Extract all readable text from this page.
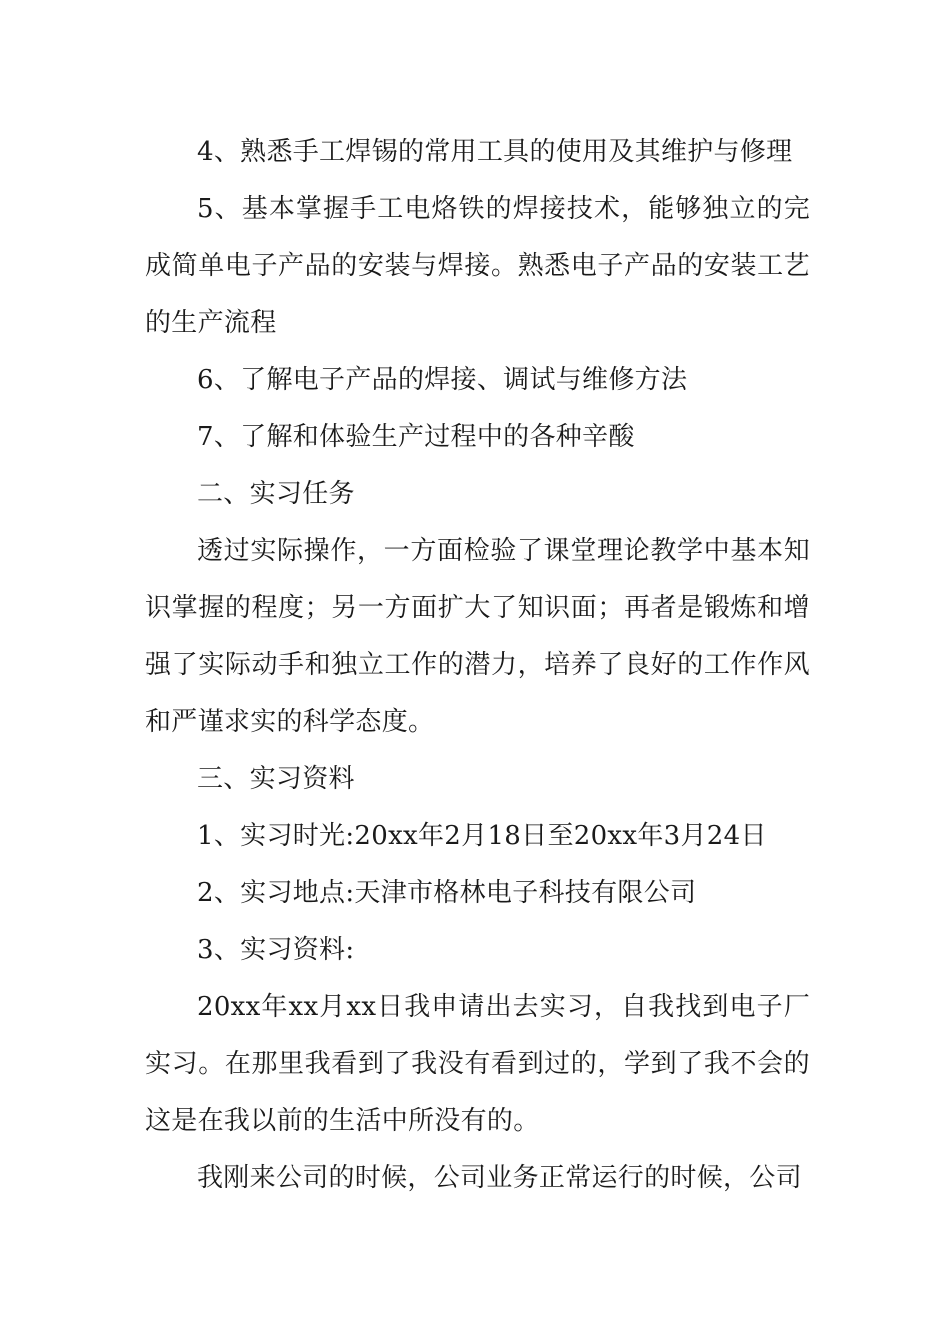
4、熟悉手工焊锡的常用工具的使用及其维护与修理

5、基本掌握手工电烙铁的焊接技术，能够独立的完成简单电子产品的安装与焊接。熟悉电子产品的安装工艺的生产流程

6、了解电子产品的焊接、调试与维修方法

7、了解和体验生产过程中的各种辛酸

二、实习任务

透过实际操作，一方面检验了课堂理论教学中基本知识掌握的程度；另一方面扩大了知识面；再者是锻炼和增强了实际动手和独立工作的潜力，培养了良好的工作作风和严谨求实的科学态度。

三、实习资料

1、实习时光:20xx年2月18日至20xx年3月24日

2、实习地点:天津市格林电子科技有限公司

3、实习资料:

20xx年xx月xx日我申请出去实习，自我找到电子厂实习。在那里我看到了我没有看到过的，学到了我不会的这是在我以前的生活中所没有的。

我刚来公司的时候，公司业务正常运行的时候，公司
